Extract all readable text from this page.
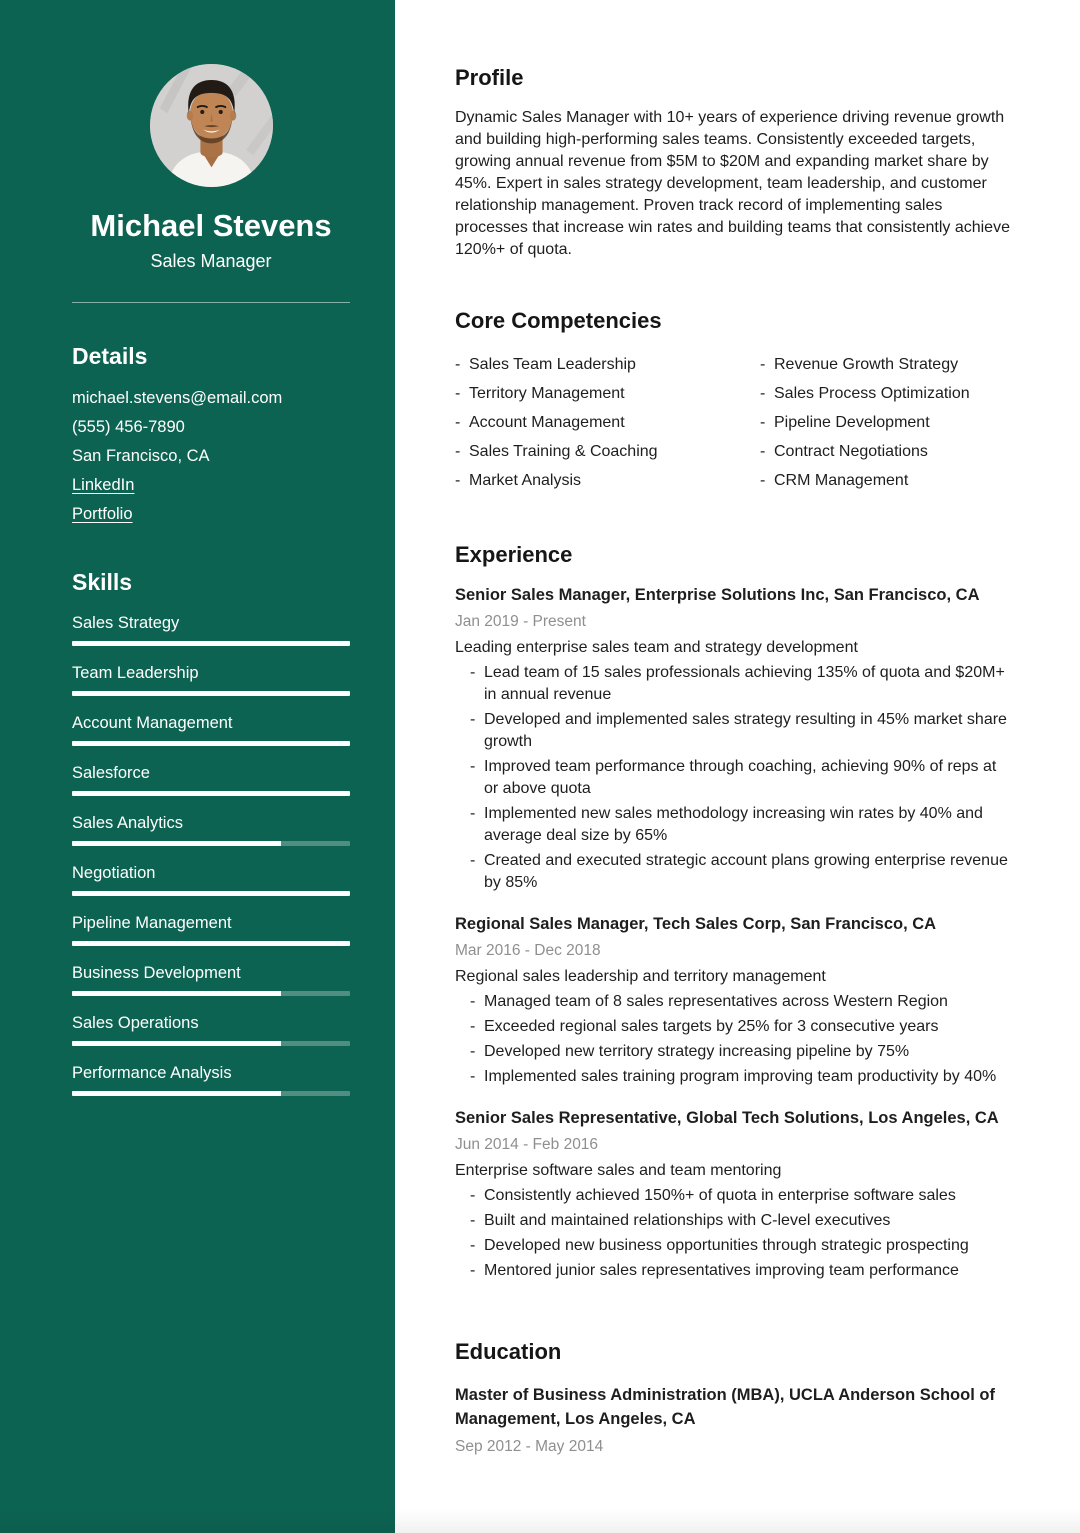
Michael Stevens
Sales Manager
Details
michael.stevens@email.com
(555) 456-7890
San Francisco, CA
LinkedIn
Portfolio
Skills
Sales Strategy
Team Leadership
Account Management
Salesforce
Sales Analytics
Negotiation
Pipeline Management
Business Development
Sales Operations
Performance Analysis
Profile

Dynamic Sales Manager with 10+ years of experience driving revenue growth and building high-performing sales teams. Consistently exceeded targets, growing annual revenue from $5M to $20M and expanding market share by 45%. Expert in sales strategy development, team leadership, and customer relationship management. Proven track record of implementing sales processes that increase win rates and building teams that consistently achieve 120%+ of quota.

Core Competencies
- Sales Team Leadership
- Territory Management
- Account Management
- Sales Training & Coaching
- Market Analysis
- Revenue Growth Strategy
- Sales Process Optimization
- Pipeline Development
- Contract Negotiations
- CRM Management
Experience
Senior Sales Manager, Enterprise Solutions Inc, San Francisco, CA
Jan 2019 - Present
Leading enterprise sales team and strategy development
- Lead team of 15 sales professionals achieving 135% of quota and $20M+ in annual revenue
- Developed and implemented sales strategy resulting in 45% market share growth
- Improved team performance through coaching, achieving 90% of reps at or above quota
- Implemented new sales methodology increasing win rates by 40% and average deal size by 65%
- Created and executed strategic account plans growing enterprise revenue by 85%
Regional Sales Manager, Tech Sales Corp, San Francisco, CA
Mar 2016 - Dec 2018
Regional sales leadership and territory management
- Managed team of 8 sales representatives across Western Region
- Exceeded regional sales targets by 25% for 3 consecutive years
- Developed new territory strategy increasing pipeline by 75%
- Implemented sales training program improving team productivity by 40%
Senior Sales Representative, Global Tech Solutions, Los Angeles, CA
Jun 2014 - Feb 2016
Enterprise software sales and team mentoring
- Consistently achieved 150%+ of quota in enterprise software sales
- Built and maintained relationships with C-level executives
- Developed new business opportunities through strategic prospecting
- Mentored junior sales representatives improving team performance
Education
Master of Business Administration (MBA), UCLA Anderson School of Management, Los Angeles, CA
Sep 2012 - May 2014
